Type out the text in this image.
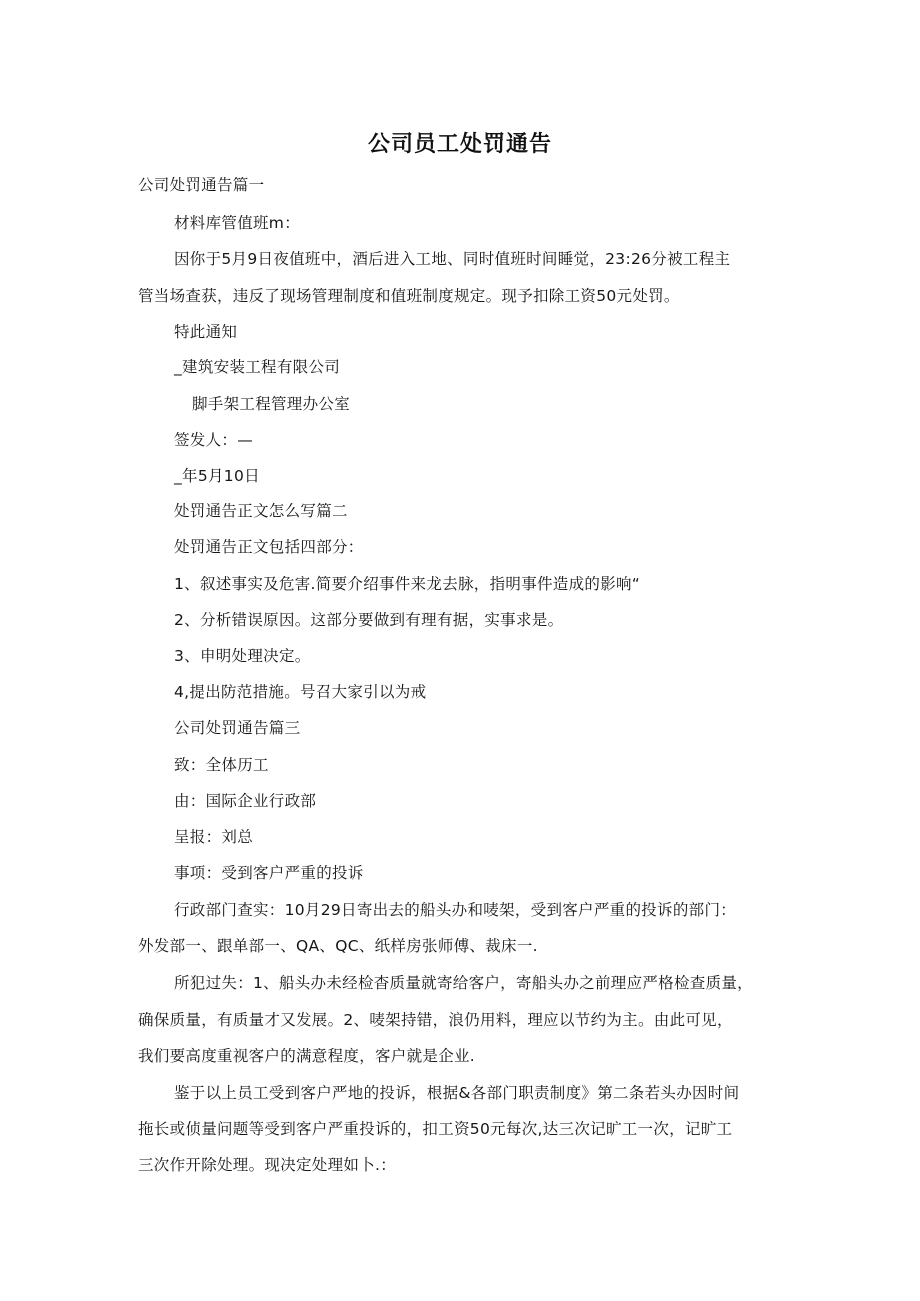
公司员工处罚通告
公司处罚通告篇一
材料库管值班m：
因你于5月9日夜值班中，酒后进入工地、同时值班时间睡觉，23:26分被工程主
管当场查获，违反了现场管理制度和值班制度规定。现予扣除工资50元处罚。
特此通知
_建筑安装工程有限公司
脚手架工程管理办公室
签发人：—
_年5月10日
处罚通告正文怎么写篇二
处罚通告正文包括四部分：
1、叙述事实及危害.简要介绍事件来龙去脉，指明事件造成的影响“
2、分析错误原因。这部分要做到有理有据，实事求是。
3、申明处理决定。
4,提出防范措施。号召大家引以为戒
公司处罚通告篇三
致：全体历工
由：国际企业行政部
呈报：刘总
事项：受到客户严重的投诉
行政部门查实：10月29日寄出去的船头办和唛架，受到客户严重的投诉的部门：
外发部一、跟单部一、QA、QC、纸样房张师傅、裁床一.
所犯过失：1、船头办未经检杳质量就寄给客户，寄船头办之前理应严格检查质量，
确保质量，有质量才又发展。2、唛架持错，浪仍用料，理应以节约为主。由此可见，
我们要高度重视客户的满意程度，客户就是企业.
鉴于以上员工受到客户严地的投诉，根据&各部门职责制度》第二条若头办因时间
拖长或侦量问题等受到客户严重投诉的，扣工资50元每次,达三次记旷工一次，记旷工
三次作开除处理。现决定处理如卜.：
